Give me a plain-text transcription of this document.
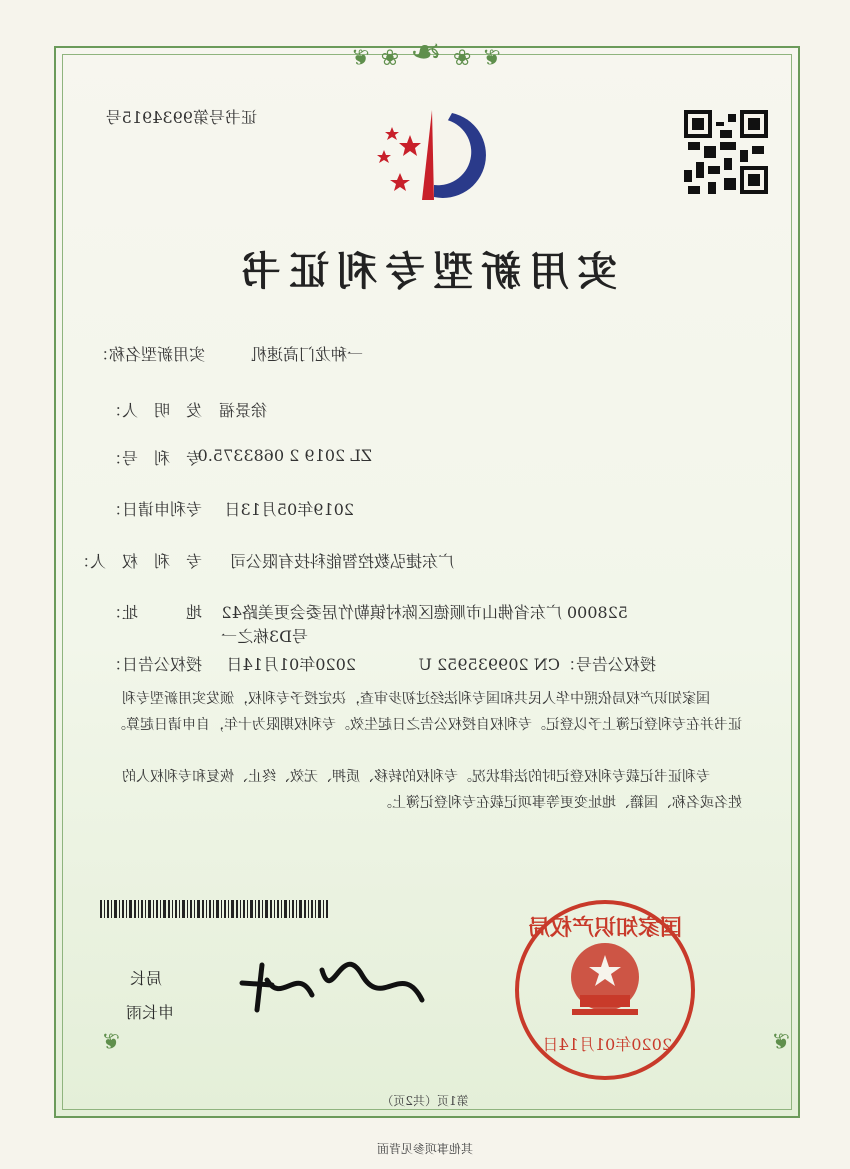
❦ ❀ ❧ ❀ ❦
❦
❦
证书号第9934915号
实用新型专利证书
实用新型名称：	一种龙门高速机
发　明　人： 徐景福
专　利　号：
ZL 2019 2 0683375.0
专利申请日： 2019年05月13日
专　利　权　人： 广东捷弘数控智能科技有限公司
地　　　址： 528000 广东省佛山市顺德区陈村镇勒竹居委会更美路42
号D3栋之一
授权公告日： 2020年01月14日	授权公告号：CN 209935952 U
国家知识产权局依照中华人民共和国专利法经过初步审查，决定授予专利权，颁发实用新型专利证书并在专利登记簿上予以登记。专利权自授权公告之日起生效。专利权期限为十年，自申请日起算。
专利证书记载专利权登记时的法律状况。专利权的转移、质押、无效、终止、恢复和专利权人的姓名或名称、国籍、地址变更等事项记载在专利登记簿上。
国家知识产权局
2020年01月14日
局长
申长雨
第1页（共2页）
其他事项参见背面
